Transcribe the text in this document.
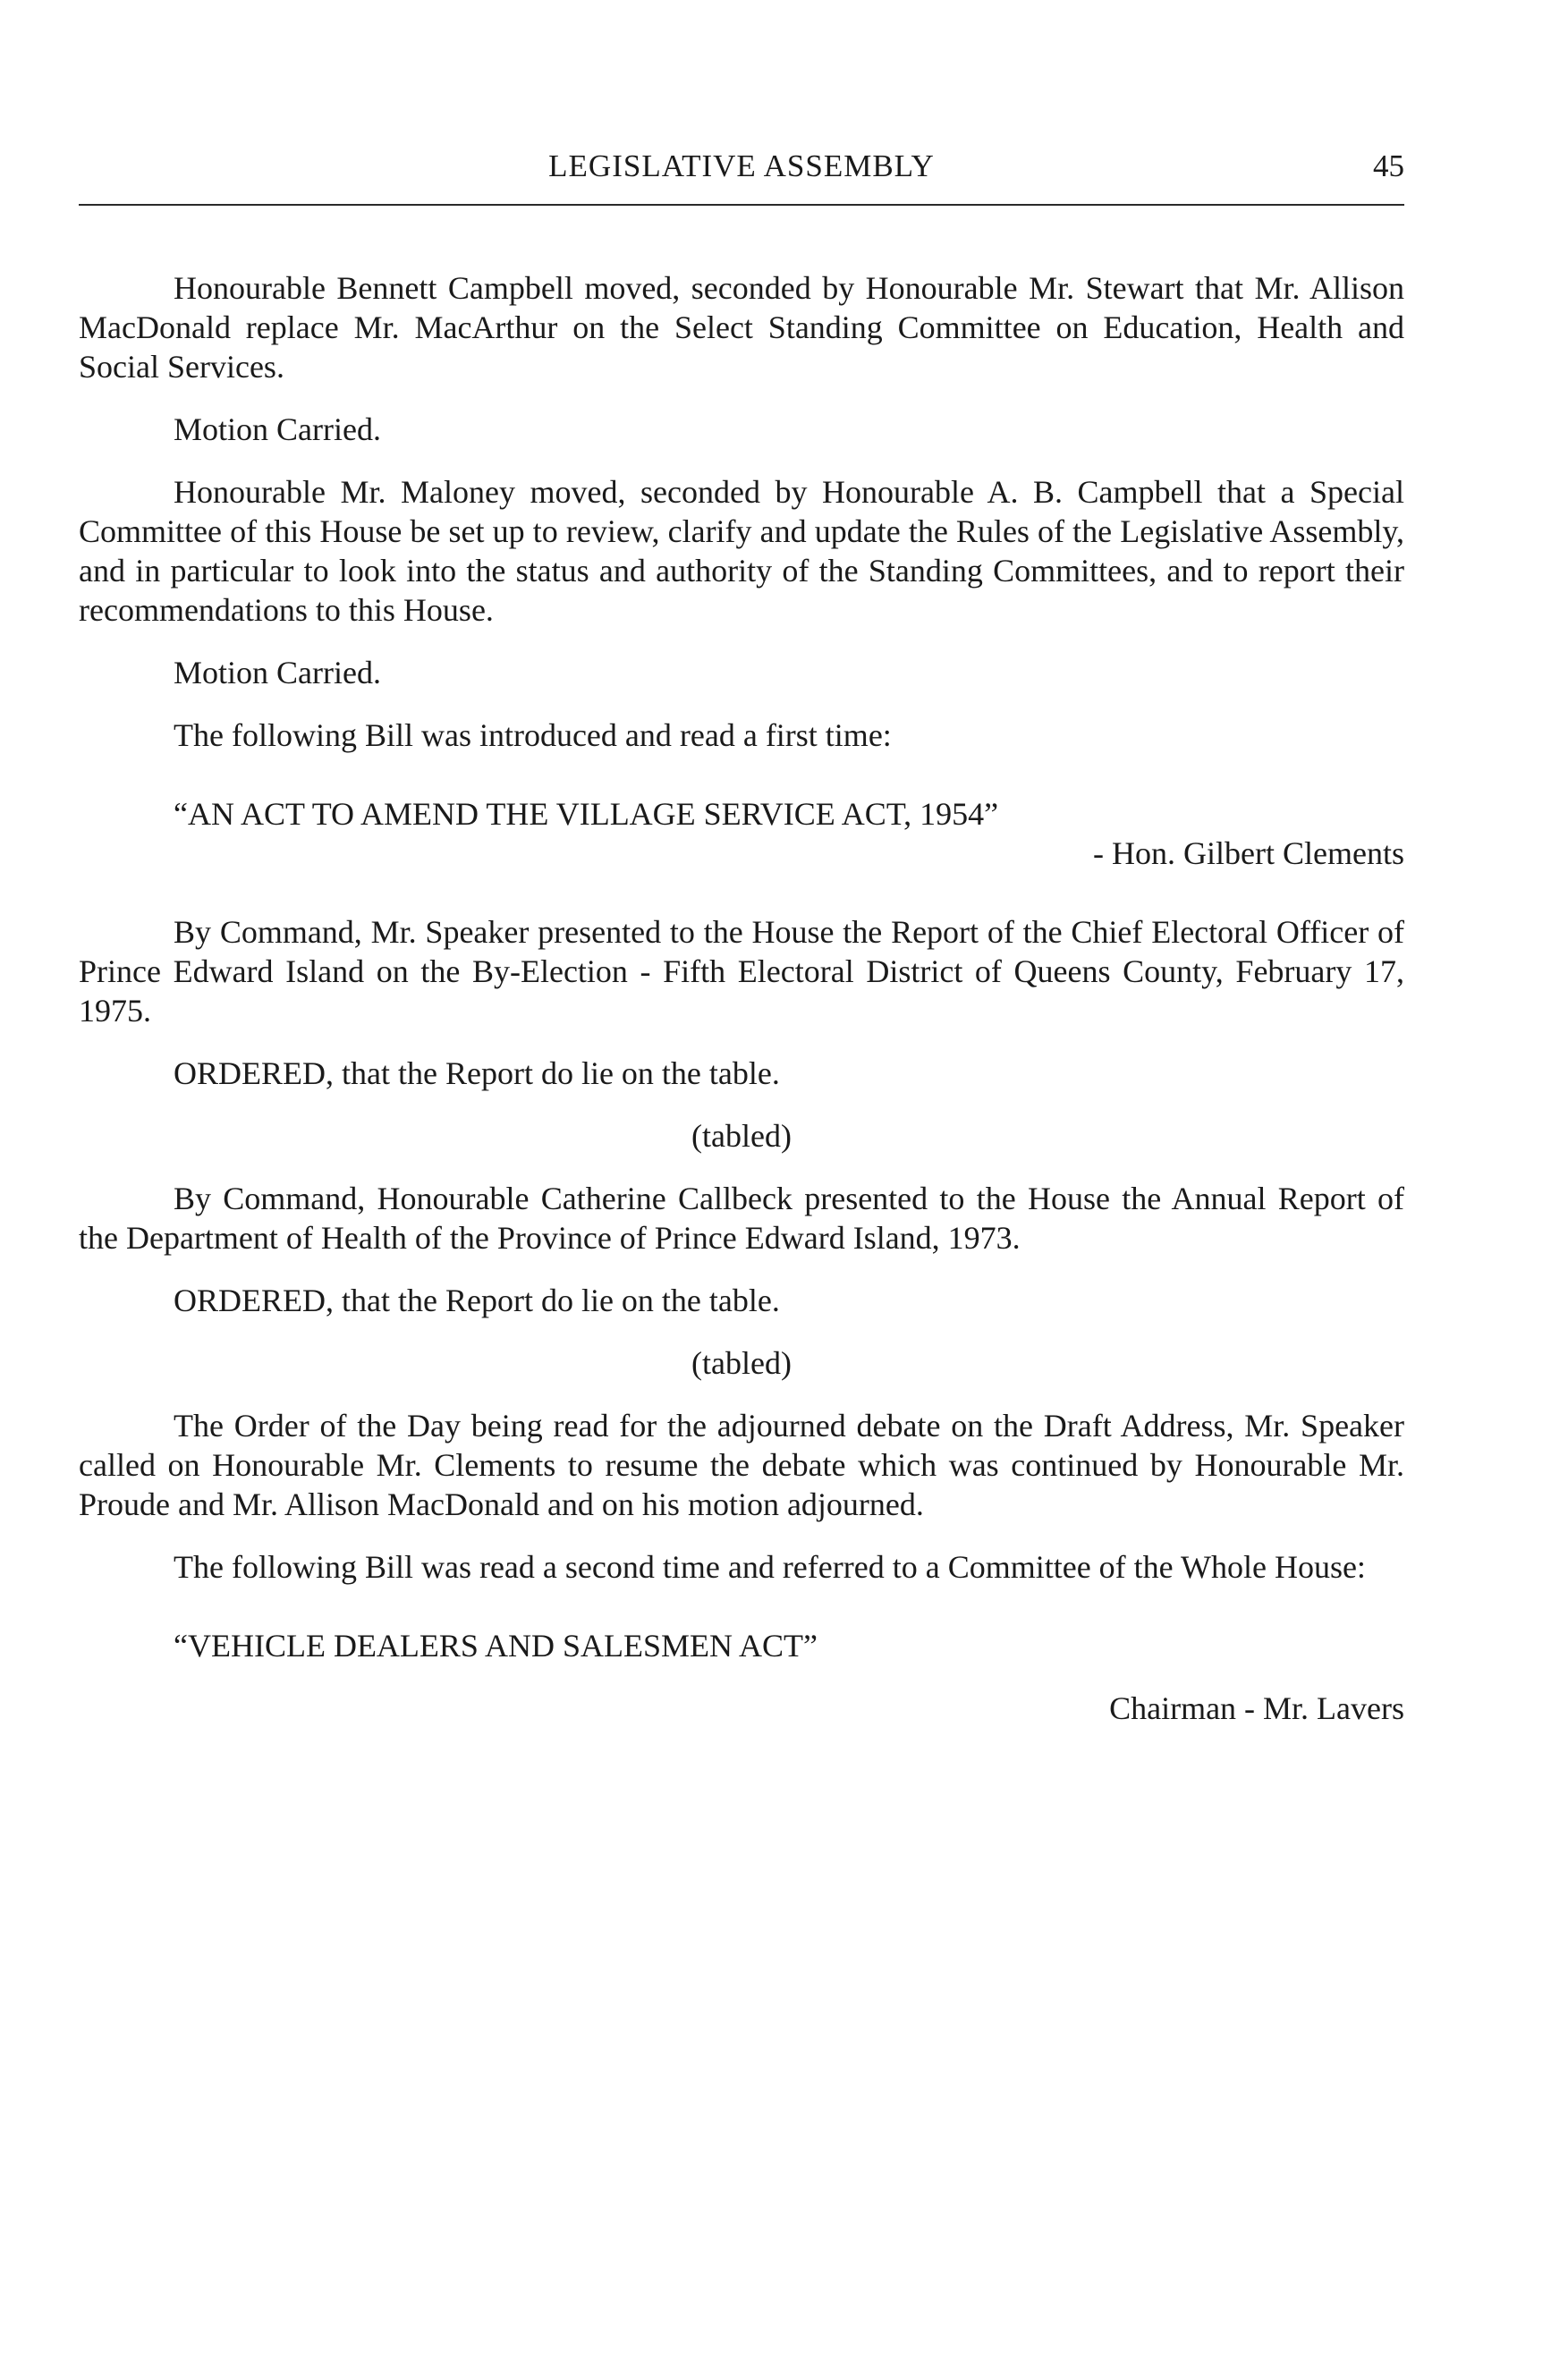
LEGISLATIVE ASSEMBLY	45

Honourable Bennett Campbell moved, seconded by Honourable Mr. Stewart that Mr. Allison MacDonald replace Mr. MacArthur on the Select Standing Committee on Education, Health and Social Services.

Motion Carried.

Honourable Mr. Maloney moved, seconded by Honourable A. B. Campbell that a Special Committee of this House be set up to review, clarify and update the Rules of the Legislative Assembly, and in particular to look into the status and authority of the Standing Committees, and to report their recommendations to this House.

Motion Carried.

The following Bill was introduced and read a first time:

“AN ACT TO AMEND THE VILLAGE SERVICE ACT, 1954”

- Hon. Gilbert Clements

By Command, Mr. Speaker presented to the House the Report of the Chief Electoral Officer of Prince Edward Island on the By-Election - Fifth Electoral District of Queens County, February 17, 1975.

ORDERED, that the Report do lie on the table.

(tabled)

By Command, Honourable Catherine Callbeck presented to the House the Annual Report of the Department of Health of the Province of Prince Edward Island, 1973.

ORDERED, that the Report do lie on the table.

(tabled)

The Order of the Day being read for the adjourned debate on the Draft Address, Mr. Speaker called on Honourable Mr. Clements to resume the debate which was continued by Honourable Mr. Proude and Mr. Allison MacDonald and on his motion adjourned.

The following Bill was read a second time and referred to a Committee of the Whole House:

“VEHICLE DEALERS AND SALESMEN ACT”

Chairman - Mr. Lavers
